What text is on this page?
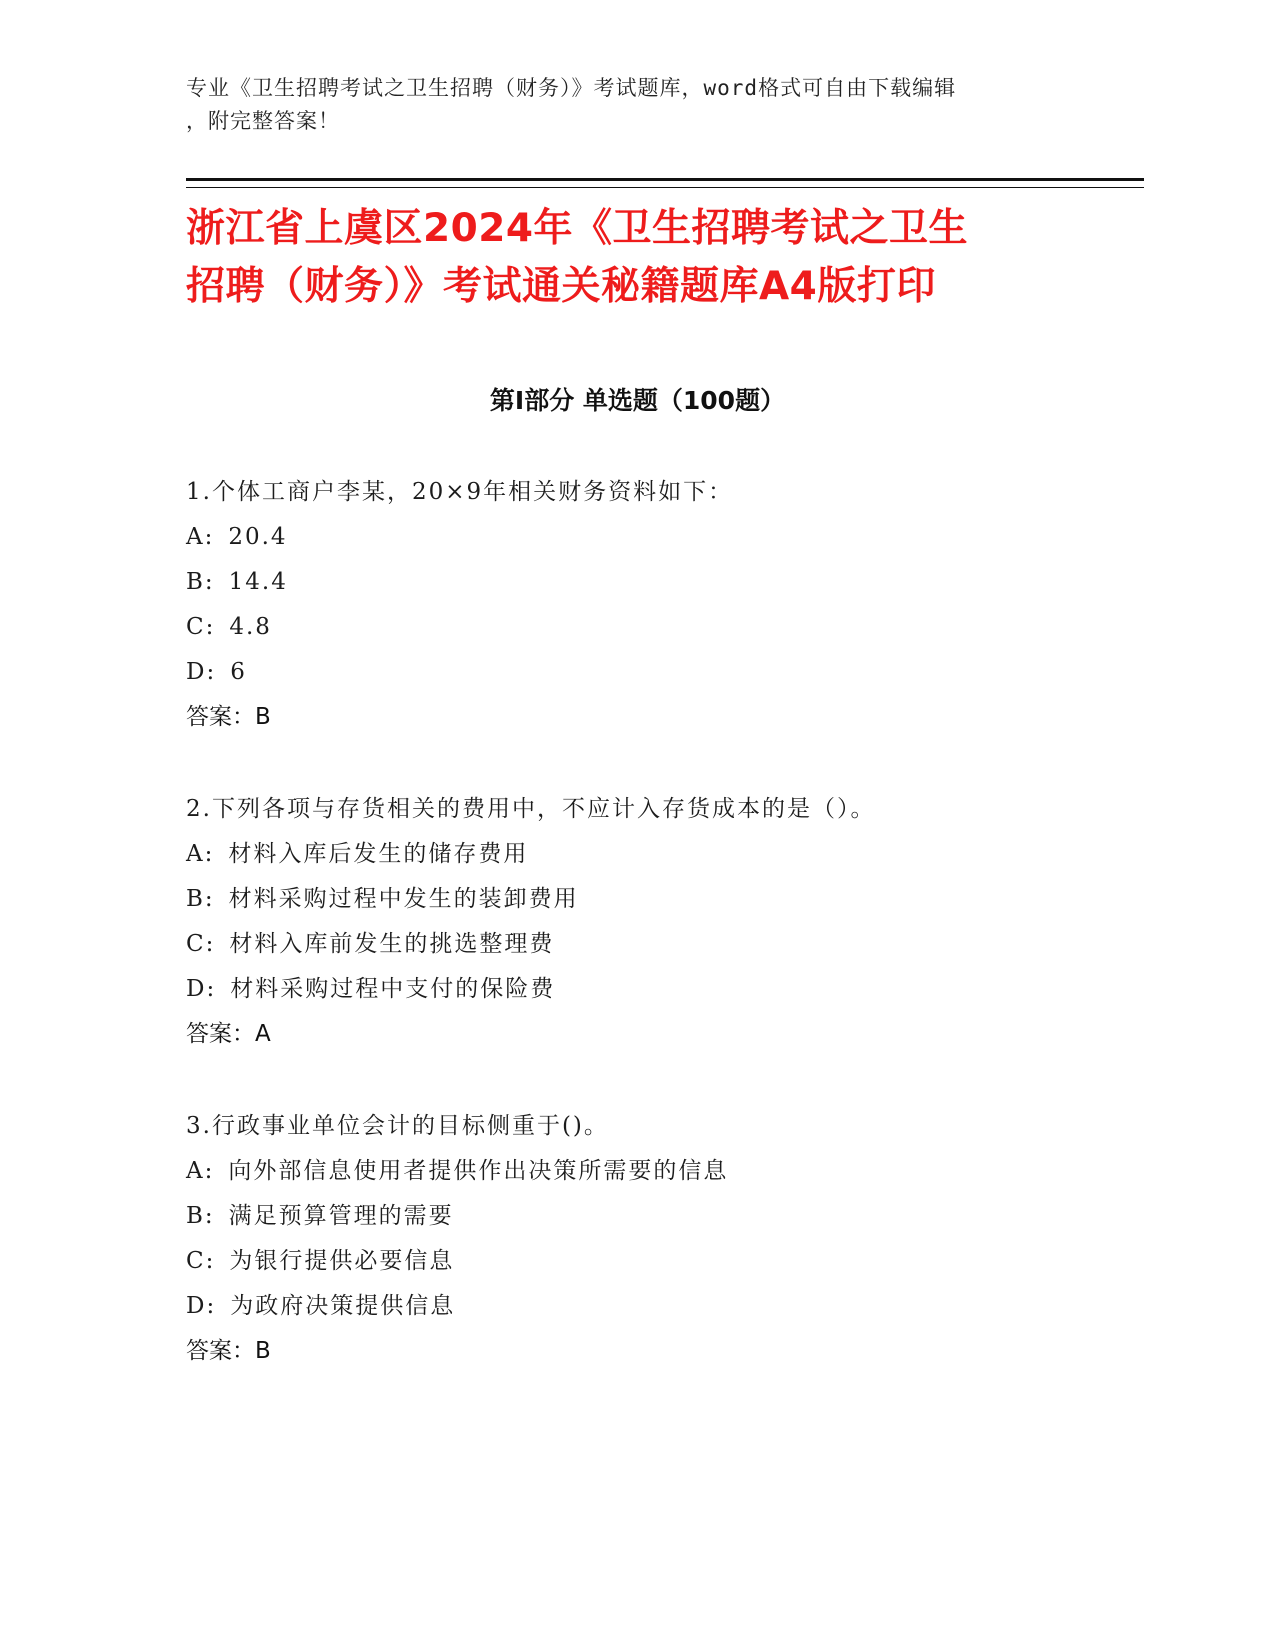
专业《卫生招聘考试之卫生招聘（财务）》考试题库，word格式可自由下载编辑
，附完整答案！
浙江省上虞区2024年《卫生招聘考试之卫生
招聘（财务）》考试通关秘籍题库A4版打印
第Ⅰ部分 单选题（100题）
1.个体工商户李某，20×9年相关财务资料如下：
A: 20.4
B: 14.4
C: 4.8
D: 6
答案：B
2.下列各项与存货相关的费用中，不应计入存货成本的是（）。
A: 材料入库后发生的储存费用
B: 材料采购过程中发生的装卸费用
C: 材料入库前发生的挑选整理费
D: 材料采购过程中支付的保险费
答案：A
3.行政事业单位会计的目标侧重于()。
A: 向外部信息使用者提供作出决策所需要的信息
B: 满足预算管理的需要
C: 为银行提供必要信息
D: 为政府决策提供信息
答案：B
